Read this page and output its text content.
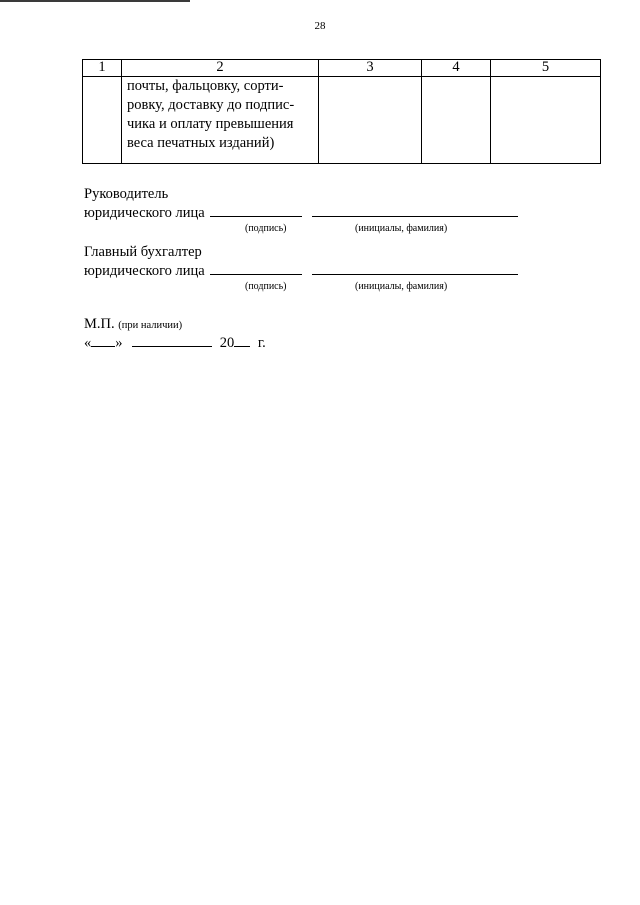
28
1	2	3	4	5

	почты, фальцовку, сорти-
ровку, доставку до подпис-
чика и оплату превышения
веса печатных изданий)			

Руководитель
юридического лица
(подпись)	(инициалы, фамилия)
Главный бухгалтер
юридического лица
(подпись)	(инициалы, фамилия)
М.П. (при наличии)
« »	20 г.
